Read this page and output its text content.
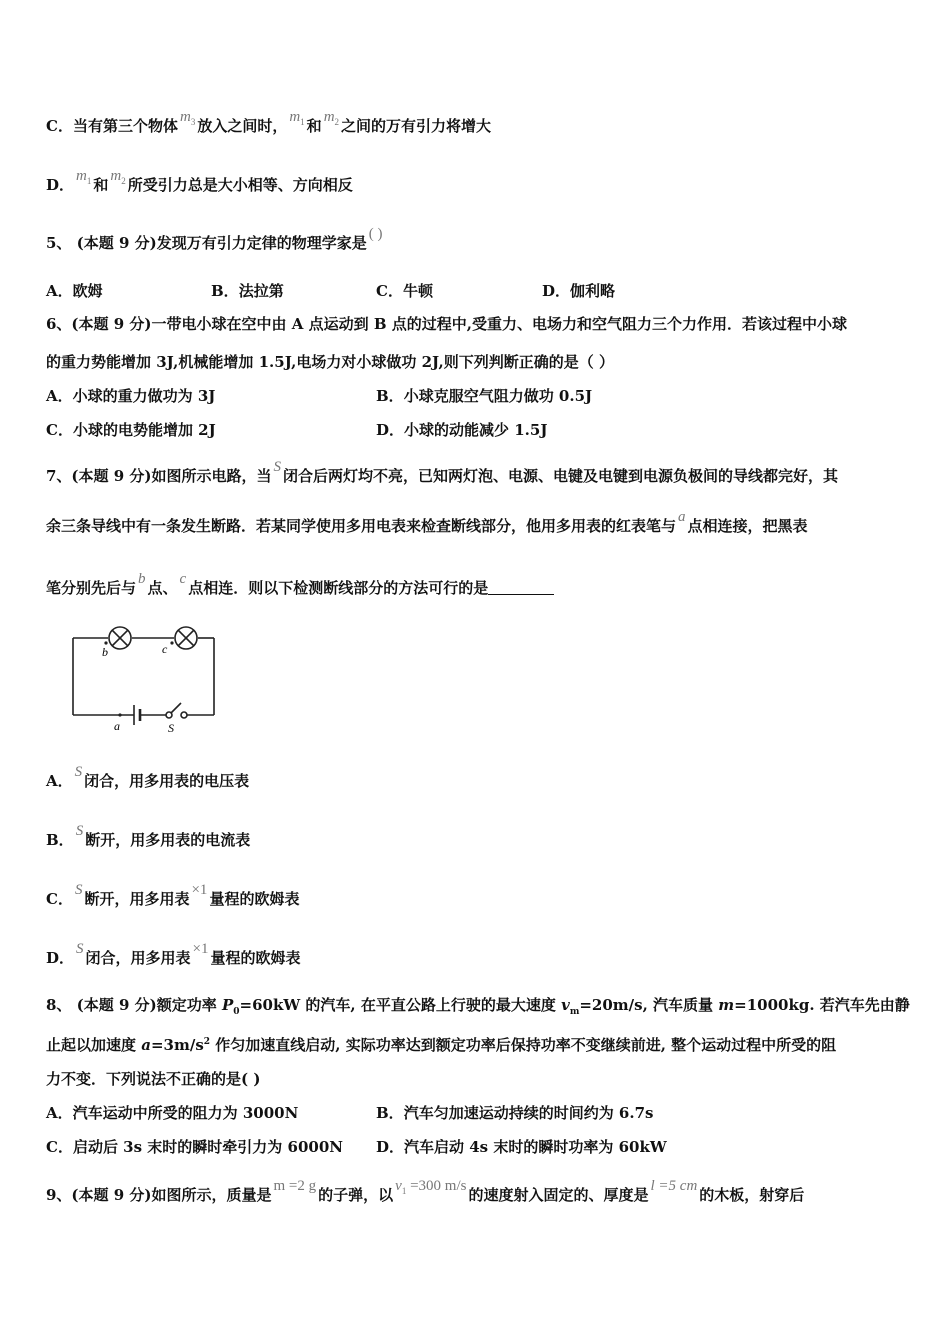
C．当有第三个物体 $m_3$ 放入之间时， $m_1$ 和 $m_2$ 之间的万有引力将增大
D． $m_1$ 和 $m_2$ 所受引力总是大小相等、方向相反
5、 (本题 9 分)发现万有引力定律的物理学家是 ( )
A．欧姆	B．法拉第	C．牛顿	D．伽利略
6、(本题 9 分)一带电小球在空中由 A 点运动到 B 点的过程中,受重力、电场力和空气阻力三个力作用．若该过程中小球
的重力势能增加 3J,机械能增加 1.5J,电场力对小球做功 2J,则下列判断正确的是（ ）
A．小球的重力做功为 3J	B．小球克服空气阻力做功 0.5J
C．小球的电势能增加 2J	D．小球的动能减少 1.5J
7、(本题 9 分)如图所示电路，当 S 闭合后两灯均不亮，已知两灯泡、电源、电键及电键到电源负极间的导线都完好，其
余三条导线中有一条发生断路．若某同学使用多用电表来检查断线部分，他用多用表的红表笔与 a 点相连接，把黑表
笔分别先后与 b 点、 c 点相连．则以下检测断线部分的方法可行的是
b	c
a	S
A． S 闭合，用多用表的电压表
B． S 断开，用多用表的电流表
C． S 断开，用多用表 ×1 量程的欧姆表
D． S 闭合，用多用表 ×1 量程的欧姆表
8、 (本题 9 分)额定功率 $P_0=60kW$ 的汽车, 在平直公路上行驶的最大速度 $v_m=20m/s$, 汽车质量 m=1000kg. 若汽车先由静
止起以加速度 $a=3m/s^2$ 作匀加速直线启动, 实际功率达到额定功率后保持功率不变继续前进, 整个运动过程中所受的阻
力不变．下列说法不正确的是( )
A．汽车运动中所受的阻力为 3000N	B．汽车匀加速运动持续的时间约为 6.7s
C．启动后 3s 末时的瞬时牵引力为 6000N D．汽车启动 4s 末时的瞬时功率为 60kW
9、(本题 9 分)如图所示，质量是 m =2 g 的子弹，以 $v_1 =300$ m/s 的速度射入固定的、厚度是 l =5 cm 的木板，射穿后
